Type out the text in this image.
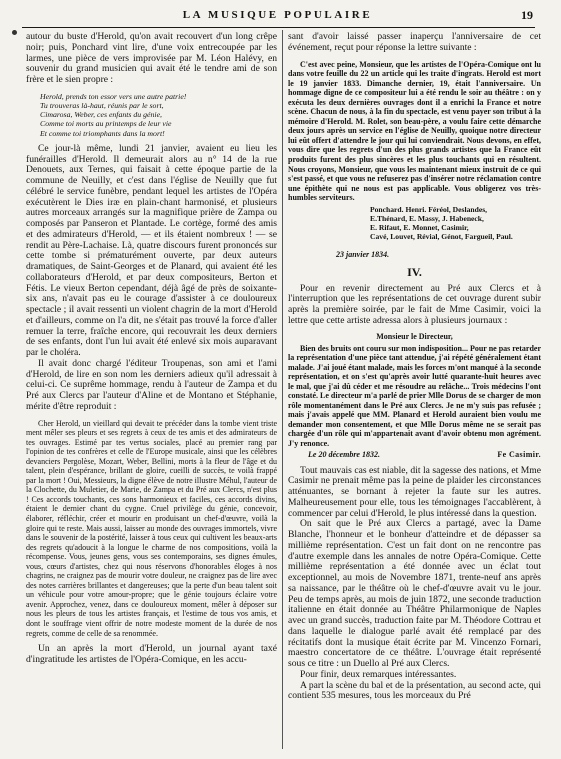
LA MUSIQUE POPULAIRE	19

autour du buste d'Herold, qu'on avait recouvert d'un long crêpe noir; puis, Ponchard vint lire, d'une voix entrecoupée par les larmes, une pièce de vers improvisée par M. Léon Halévy, en souvenir du grand musicien qui avait été le tendre ami de son frère et le sien propre :

Herold, prends ton essor vers une autre patrie!
Tu trouveras là-haut, réunis par le sort,
Cimarosa, Weber, ces enfants du génie,
Comme toi morts au printemps de leur vie
Et comme toi triomphants dans la mort!

Ce jour-là même, lundi 21 janvier, avaient eu lieu les funérailles d'Herold. Il demeurait alors au n° 14 de la rue Denouets, aux Ternes, qui faisait à cette époque partie de la commune de Neuilly, et c'est dans l'église de Neuilly que fut célébré le service funèbre, pendant lequel les artistes de l'Opéra exécutèrent le Dies iræ en plain-chant harmonisé, et plusieurs autres morceaux arrangés sur la magnifique prière de Zampa ou composés par Panseron et Plantade. Le cortège, formé des amis et des admirateurs d'Herold, — et ils étaient nombreux ! — se rendit au Père-Lachaise. Là, quatre discours furent prononcés sur cette tombe si prématurément ouverte, par deux auteurs dramatiques, de Saint-Georges et de Planard, qui avaient été les collaborateurs d'Herold, et par deux compositeurs, Berton et Fétis. Le vieux Berton cependant, déjà âgé de près de soixante-six ans, n'avait pas eu le courage d'assister à ce douloureux spectacle ; il avait ressenti un violent chagrin de la mort d'Herold et d'ailleurs, comme on l'a dit, ne s'était pas trouvé la force d'aller remuer la terre, fraîche encore, qui recouvrait les deux derniers de ses enfants, dont l'un lui avait été enlevé six mois auparavant par le choléra.

Il avait donc chargé l'éditeur Troupenas, son ami et l'ami d'Herold, de lire en son nom les derniers adieux qu'il adressait à celui-ci. Ce suprême hommage, rendu à l'auteur de Zampa et du Pré aux Clercs par l'auteur d'Aline et de Montano et Stéphanie, mérite d'être reproduit :

Cher Herold, un vieillard qui devait te précéder dans la tombe vient triste ment mêler ses pleurs et ses regrets à ceux de tes amis et des admirateurs de tes ouvrages. Estimé par tes vertus sociales, placé au premier rang par l'opinion de tes confrères et celle de l'Europe musicale, ainsi que les célèbres devanciers Pergolèse, Mozart, Weber, Bellini, morts à la fleur de l'âge et du talent, plein d'espérance, brillant de gloire, cueilli de succès, te voilà frappé par la mort ! Oui, Messieurs, la digne élève de notre illustre Méhul, l'auteur de la Clochette, du Muletier, de Marie, de Zampa et du Pré aux Clercs, n'est plus ! Ces accords touchants, ces sons harmonieux et faciles, ces accords divins, étaient le dernier chant du cygne. Cruel privilège du génie, concevoir, élaborer, réfléchir, créer et mourir en produisant un chef-d'œuvre, voilà la gloire qui te reste. Mais aussi, laisser au monde des ouvrages immortels, vivre dans le souvenir de la postérité, laisser à tous ceux qui cultivent les beaux-arts des regrets qu'adoucit à la longue le charme de nos compositions, voilà la récompense. Vous, jeunes gens, vous ses contemporains, ses dignes émules, vous, cœurs d'artistes, chez qui nous réservons d'honorables éloges à nos chagrins, ne craignez pas de mourir votre douleur, ne craignez pas de lire avec des notes carrières brillantes et dangereuses; que la perte d'un beau talent soit un véhicule pour votre amour-propre; que le génie toujours éclaire votre avenir. Approchez, venez, dans ce douloureux moment, mêler à déposer sur nous les pleurs de tous les artistes français, et l'estime de tous vos amis, et dont le souffrage vient offrir de notre modeste moment de la durée de nos regrets, comme de celle de sa renommée.

Un an après la mort d'Herold, un journal ayant taxé d'ingratitude les artistes de l'Opéra-Comique, en les accu-

sant d'avoir laissé passer inaperçu l'anniversaire de cet événement, reçut pour réponse la lettre suivante :

C'est avec peine, Monsieur, que les artistes de l'Opéra-Comique ont lu dans votre feuille du 22 un article qui les traite d'ingrats. Herold est mort le 19 janvier 1833. Dimanche dernier, 19, était l'anniversaire. Un hommage digne de ce compositeur lui a été rendu le soir au théâtre : on y exécuta les deux dernières ouvrages dont il a enrichi la France et notre scène. Chacun de nous, à la fin du spectacle, est venu payer son tribut à la mémoire d'Herold. M. Rolet, son beau-père, a voulu faire cette démarche deux jours après un service en l'église de Neuilly, quoique notre directeur lui eût offert d'attendre le jour qui lui conviendrait. Nous devons, en effet, vous dire que les regrets d'un des plus grands artistes que la France eût produits furent des plus sincères et les plus touchants qui en résultent. Nous croyons, Monsieur, que vous les maintenant mieux instruit de ce qui s'est passé, et que vous ne refuserez pas d'insérer notre réclamation contre une épithète qui ne nous est pas applicable. Vous obligerez vos très-humbles serviteurs.

Ponchard. Henri. Féréol, Deslandes,
E.Thénard, E. Massy, J. Habeneck,
E. Rifaut, E. Monnet, Casimir,
Cavé, Louvet, Révial, Génot, Fargueil, Paul.
23 janvier 1834.
IV.

Pour en revenir directement au Pré aux Clercs et à l'interruption que les représentations de cet ouvrage durent subir après la première soirée, par le fait de Mme Casimir, voici la lettre que cette artiste adressa alors à plusieurs journaux :

Monsieur le Directeur,

Bien des bruits ont couru sur mon indisposition... Pour ne pas retarder la représentation d'une pièce tant attendue, j'ai répété généralement étant malade. J'ai joué étant malade, mais les forces m'ont manqué à la seconde représentation, et on s'est qu'après avoir lutté quarante-huit heures avec le mal, que j'ai dû céder et me résoudre au relâche... Trois médecins l'ont constaté. Le directeur m'a parlé de prier Mlle Dorus de se charger de mon rôle momentanément dans le Pré aux Clercs. Je ne m'y suis pas refusée ; mais j'avais appelé que MM. Planard et Herold auraient bien voulu me demander mon consentement, et que Mlle Dorus même ne se serait pas chargée d'un rôle qui m'appartenait avant d'avoir obtenu mon agrément. J'y renonce.

Le 20 décembre 1832.	Fe Casimir.

Tout mauvais cas est niable, dit la sagesse des nations, et Mme Casimir ne prenait même pas la peine de plaider les circonstances atténuantes, se bornant à rejeter la faute sur les autres. Malheureusement pour elle, tous les témoignages l'accablèrent, à commencer par celui d'Herold, le plus intéressé dans la question.

On sait que le Pré aux Clercs a partagé, avec la Dame Blanche, l'honneur et le bonheur d'atteindre et de dépasser sa millième représentation. C'est un fait dont on ne rencontre pas d'autre exemple dans les annales de notre Opéra-Comique. Cette millième représentation a été donnée avec un éclat tout exceptionnel, au mois de Novembre 1871, trente-neuf ans après sa naissance, par le théâtre où le chef-d'œuvre avait vu le jour. Peu de temps après, au mois de juin 1872, une seconde traduction italienne en était donnée au Théâtre Philarmonique de Naples avec un grand succès, traduction faite par M. Théodore Cottrau et dans laquelle le dialogue parlé avait été remplacé par des récitatifs dont la musique était écrite par M. Vincenzo Fornari, maestro concertatore de ce théâtre. L'ouvrage était représenté sous ce titre : un Duello al Pré aux Clercs.

Pour finir, deux remarques intéressantes.

A part la scène du bal et de la présentation, au second acte, qui contient 535 mesures, tous les morceaux du Pré
